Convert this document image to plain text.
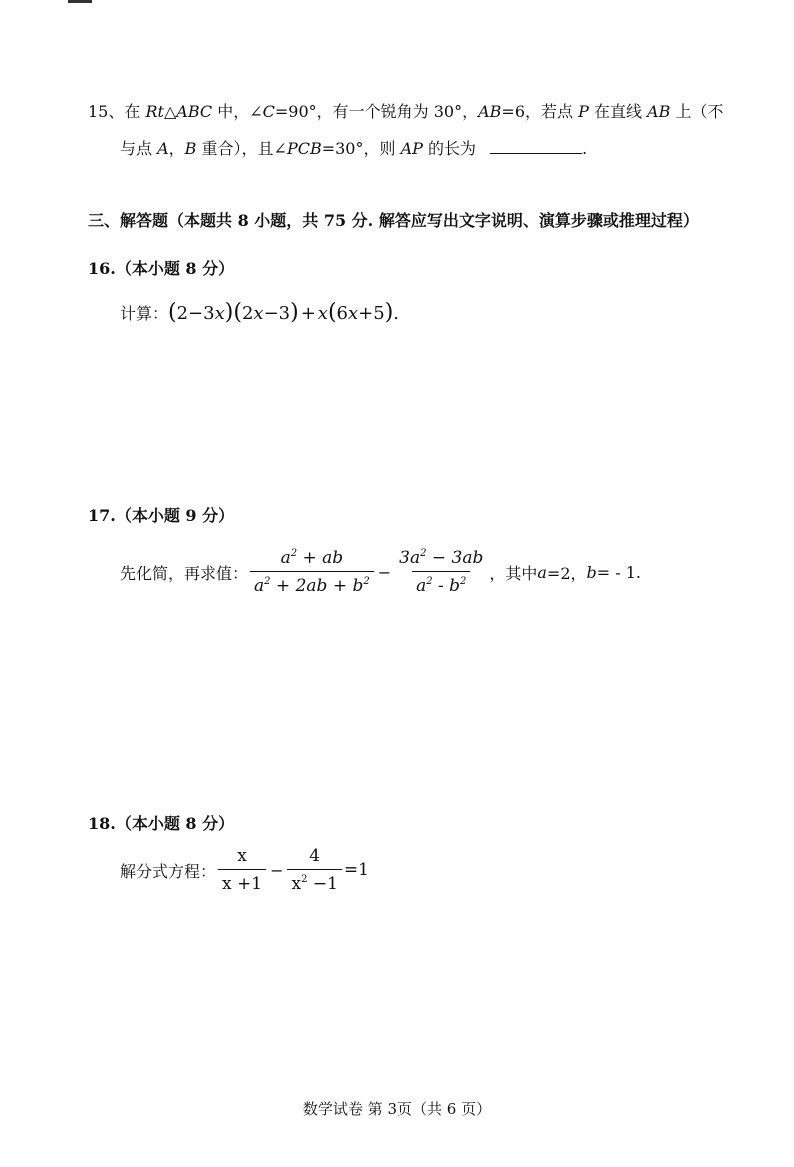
15、在 Rt△ABC 中，∠C=90°，有一个锐角为 30°，AB=6，若点 P 在直线 AB 上（不
与点 A，B 重合），且∠PCB=30°，则 AP 的长为	.
三、解答题（本题共 8 小题，共 75 分. 解答应写出文字说明、演算步骤或推理过程）
16.（本小题 8 分）
计算：(2−3x)(2x−3) + x(6x+5).
17.（本小题 9 分）
先化简，再求值： $\frac{a^2 + ab}{a^2 + 2ab + b^2} - \frac{3a^2 - 3ab}{a^2 - b^2}$ ，其中 a =2， b = - 1.
18.（本小题 8 分）
解分式方程： $\frac{x}{x +1} - \frac{4}{x^2 -1} =1$
数学试卷 第 3页（共 6 页）
